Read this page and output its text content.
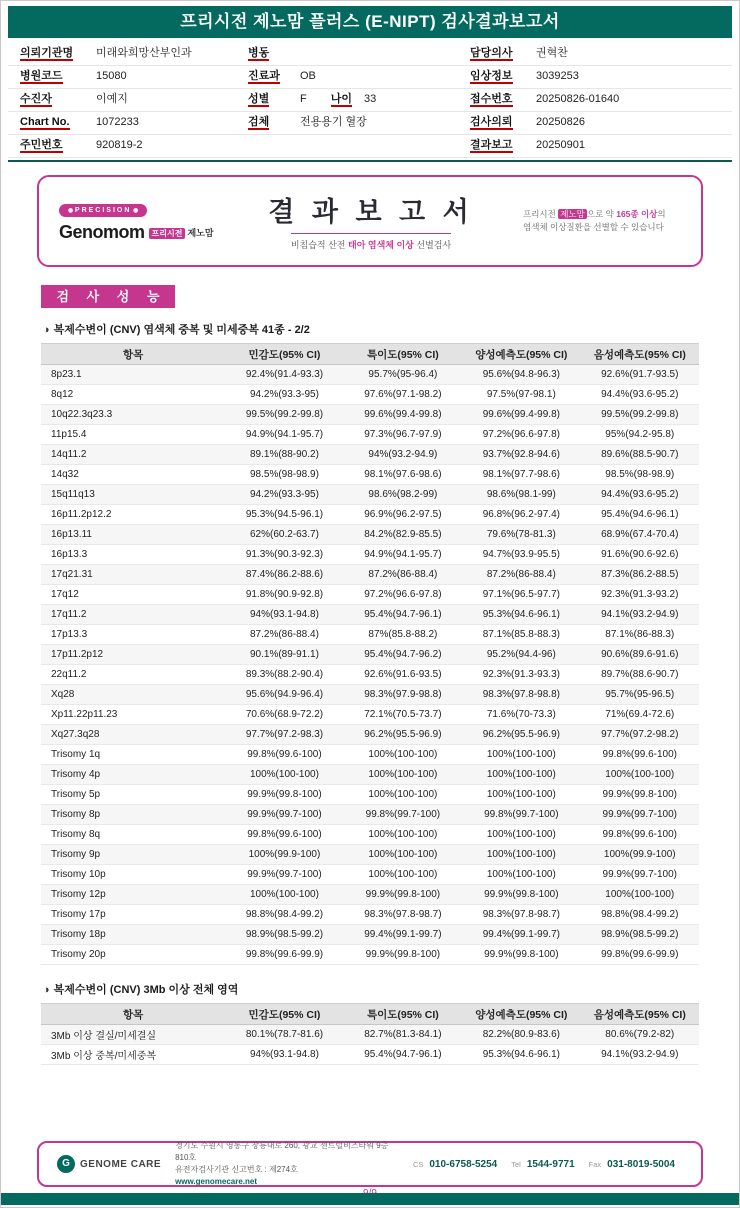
프리시전 제노맘 플러스 (E-NIPT) 검사결과보고서
의뢰기관명 미래와희망산부인과
병원코드	15080
수진자	이예지
Chart No. 1072233
주민번호	920819-2
병동
진료과 OB
성별	F 나이 33
검체	전용용기 혈장
담당의사 권혁찬
임상정보 3039253
접수번호 20250826-01640
검사의뢰 20250826
결과보고 20250901
◉ PRECISION ◉
Genomom 프리시전 제노맘
결 과 보 고 서
비침습적 산전 태아 염색체 이상 선별검사
프리시전 제노맘 으로 약 165종 이상의
염색체 이상질환을 선별할 수 있습니다
검 사 성 능
◑ 복제수변이 (CNV) 염색체 중복 및 미세중복 41종 - 2/2
항목	민감도(95% CI)	특이도(95% CI)	양성예측도(95% CI)	음성예측도(95% CI)
8p23.1	92.4%(91.4-93.3)	95.7%(95-96.4)	95.6%(94.8-96.3)	92.6%(91.7-93.5)
8q12	94.2%(93.3-95)	97.6%(97.1-98.2)	97.5%(97-98.1)	94.4%(93.6-95.2)
10q22.3q23.3	99.5%(99.2-99.8)	99.6%(99.4-99.8)	99.6%(99.4-99.8)	99.5%(99.2-99.8)
11p15.4	94.9%(94.1-95.7)	97.3%(96.7-97.9)	97.2%(96.6-97.8)	95%(94.2-95.8)
14q11.2	89.1%(88-90.2)	94%(93.2-94.9)	93.7%(92.8-94.6)	89.6%(88.5-90.7)
14q32	98.5%(98-98.9)	98.1%(97.6-98.6)	98.1%(97.7-98.6)	98.5%(98-98.9)
15q11q13	94.2%(93.3-95)	98.6%(98.2-99)	98.6%(98.1-99)	94.4%(93.6-95.2)
16p11.2p12.2	95.3%(94.5-96.1)	96.9%(96.2-97.5)	96.8%(96.2-97.4)	95.4%(94.6-96.1)
16p13.11	62%(60.2-63.7)	84.2%(82.9-85.5)	79.6%(78-81.3)	68.9%(67.4-70.4)
16p13.3	91.3%(90.3-92.3)	94.9%(94.1-95.7)	94.7%(93.9-95.5)	91.6%(90.6-92.6)
17q21.31	87.4%(86.2-88.6)	87.2%(86-88.4)	87.2%(86-88.4)	87.3%(86.2-88.5)
17q12	91.8%(90.9-92.8)	97.2%(96.6-97.8)	97.1%(96.5-97.7)	92.3%(91.3-93.2)
17q11.2	94%(93.1-94.8)	95.4%(94.7-96.1)	95.3%(94.6-96.1)	94.1%(93.2-94.9)
17p13.3	87.2%(86-88.4)	87%(85.8-88.2)	87.1%(85.8-88.3)	87.1%(86-88.3)
17p11.2p12	90.1%(89-91.1)	95.4%(94.7-96.2)	95.2%(94.4-96)	90.6%(89.6-91.6)
22q11.2	89.3%(88.2-90.4)	92.6%(91.6-93.5)	92.3%(91.3-93.3)	89.7%(88.6-90.7)
Xq28	95.6%(94.9-96.4)	98.3%(97.9-98.8)	98.3%(97.8-98.8)	95.7%(95-96.5)
Xp11.22p11.23	70.6%(68.9-72.2)	72.1%(70.5-73.7)	71.6%(70-73.3)	71%(69.4-72.6)
Xq27.3q28	97.7%(97.2-98.3)	96.2%(95.5-96.9)	96.2%(95.5-96.9)	97.7%(97.2-98.2)
Trisomy 1q	99.8%(99.6-100)	100%(100-100)	100%(100-100)	99.8%(99.6-100)
Trisomy 4p	100%(100-100)	100%(100-100)	100%(100-100)	100%(100-100)
Trisomy 5p	99.9%(99.8-100)	100%(100-100)	100%(100-100)	99.9%(99.8-100)
Trisomy 8p	99.9%(99.7-100)	99.8%(99.7-100)	99.8%(99.7-100)	99.9%(99.7-100)
Trisomy 8q	99.8%(99.6-100)	100%(100-100)	100%(100-100)	99.8%(99.6-100)
Trisomy 9p	100%(99.9-100)	100%(100-100)	100%(100-100)	100%(99.9-100)
Trisomy 10p	99.9%(99.7-100)	100%(100-100)	100%(100-100)	99.9%(99.7-100)
Trisomy 12p	100%(100-100)	99.9%(99.8-100)	99.9%(99.8-100)	100%(100-100)
Trisomy 17p	98.8%(98.4-99.2)	98.3%(97.8-98.7)	98.3%(97.8-98.7)	98.8%(98.4-99.2)
Trisomy 18p	98.9%(98.5-99.2)	99.4%(99.1-99.7)	99.4%(99.1-99.7)	98.9%(98.5-99.2)
Trisomy 20p	99.8%(99.6-99.9)	99.9%(99.8-100)	99.9%(99.8-100)	99.8%(99.6-99.9)
◑ 복제수변이 (CNV) 3Mb 이상 전체 영역
항목	민감도(95% CI)	특이도(95% CI)	양성예측도(95% CI)	음성예측도(95% CI)
3Mb 이상 결실/미세결실	80.1%(78.7-81.6)	82.7%(81.3-84.1)	82.2%(80.9-83.6)	80.6%(79.2-82)
3Mb 이상 중복/미세중복	94%(93.1-94.8)	95.4%(94.7-96.1)	95.3%(94.6-96.1)	94.1%(93.2-94.9)
G	GENOME CARE
경기도 수원시 영통구 창룡대로 260, 광교 센트럴비즈타워 9층 810호
유전자검사기관 신고번호 : 제274호
www.genomecare.net
CS 010-6758-5254 Tel 1544-9771 Fax 031-8019-5004
